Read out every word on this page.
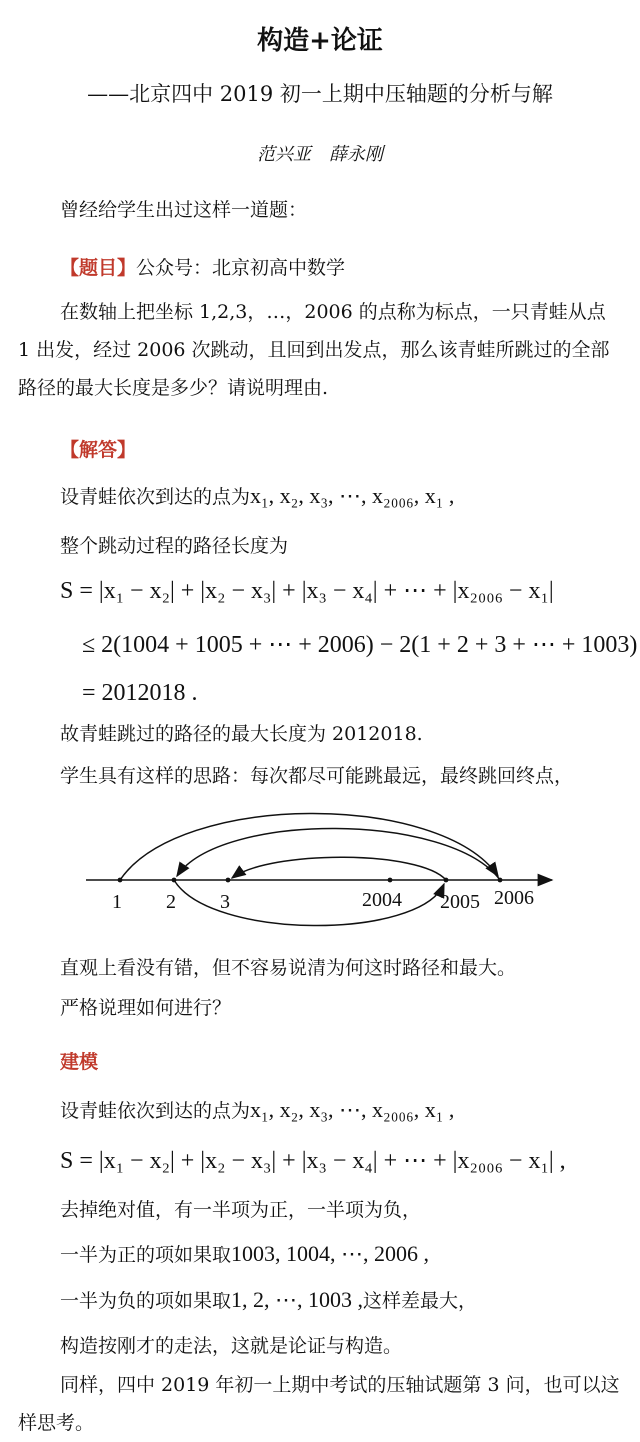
构造+论证
——北京四中 2019 初一上期中压轴题的分析与解
范兴亚　薛永刚
曾经给学生出过这样一道题：
【题目】公众号：北京初高中数学
在数轴上把坐标 1,2,3，…，2006 的点称为标点，一只青蛙从点 1 出发，经过 2006 次跳动，且回到出发点，那么该青蛙所跳过的全部路径的最大长度是多少？请说明理由.
【解答】
设青蛙依次到达的点为x₁, x₂, x₃, ⋯, x₂₀₀₆, x₁ ,
整个跳动过程的路径长度为
S = |x₁ − x₂| + |x₂ − x₃| + |x₃ − x₄| + ⋯ + |x₂₀₀₆ − x₁|
≤ 2(1004 + 1005 + ⋯ + 2006) − 2(1 + 2 + 3 + ⋯ + 1003)
= 2012018 .
故青蛙跳过的路径的最大长度为 2012018.
学生具有这样的思路：每次都尽可能跳最远，最终跳回终点，
1 2 3	2004 2005 2006
直观上看没有错，但不容易说清为何这时路径和最大。
严格说理如何进行？
建模
设青蛙依次到达的点为x₁, x₂, x₃, ⋯, x₂₀₀₆, x₁ ,
S = |x₁ − x₂| + |x₂ − x₃| + |x₃ − x₄| + ⋯ + |x₂₀₀₆ − x₁| ,
去掉绝对值，有一半项为正，一半项为负，
一半为正的项如果取1003, 1004, ⋯, 2006 ,
一半为负的项如果取1, 2, ⋯, 1003 ,这样差最大，
构造按刚才的走法，这就是论证与构造。
同样，四中 2019 年初一上期中考试的压轴试题第 3 问，也可以这样思考。
